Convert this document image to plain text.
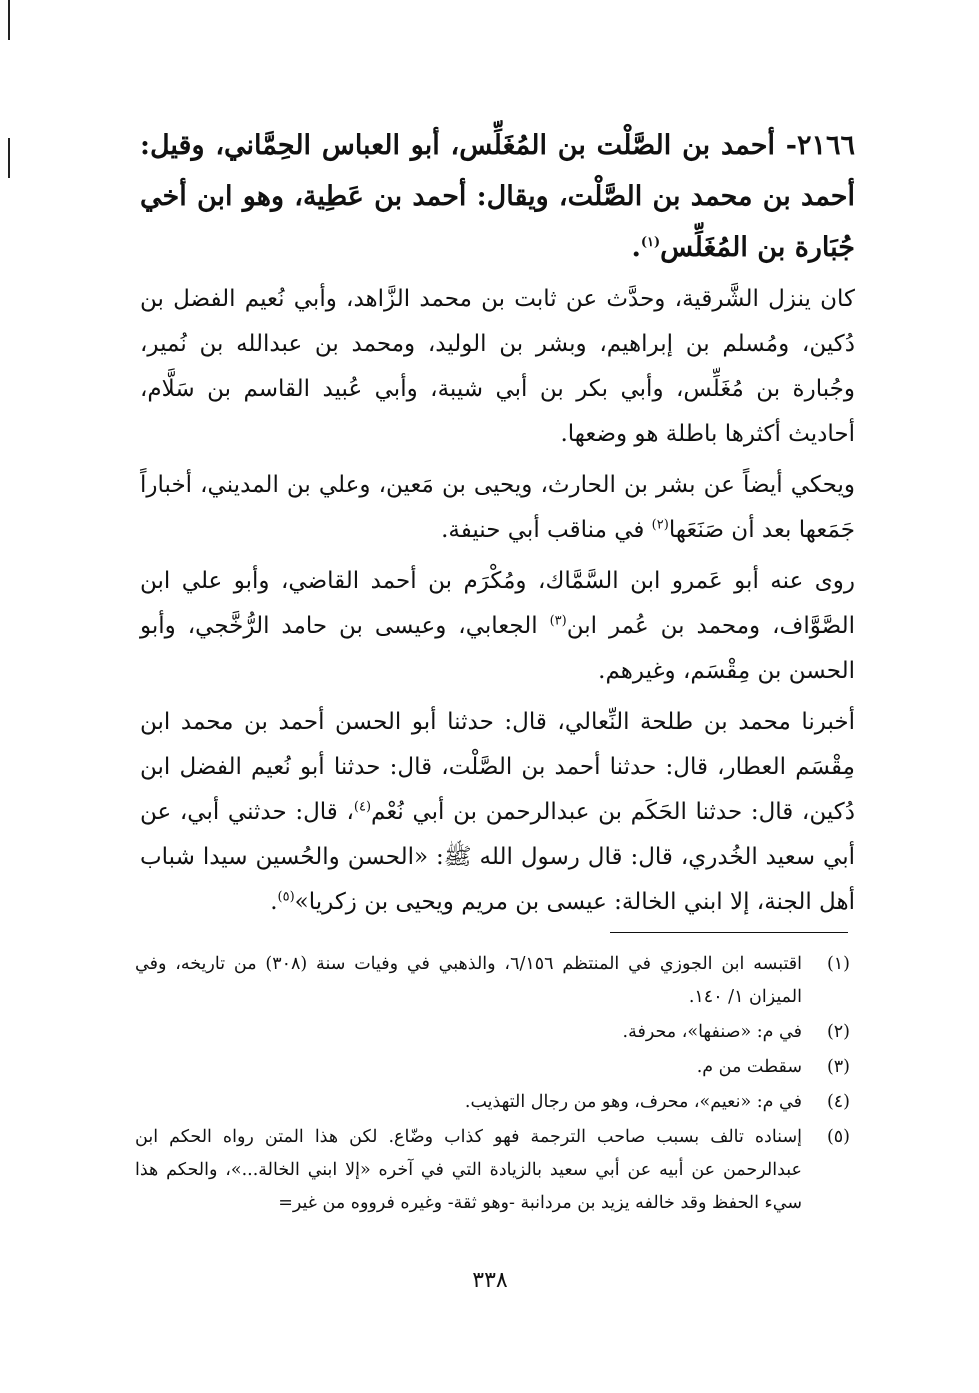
٢١٦٦- أحمد بن الصَّلْت بن المُغَلِّس، أبو العباس الحِمَّاني، وقيل: أحمد بن محمد بن الصَّلْت، ويقال: أحمد بن عَطِية، وهو ابن أخي جُبَارة بن المُغَلِّس$^{(١)}$.

كان ينزل الشَّرقية، وحدَّث عن ثابت بن محمد الزَّاهد، وأبي نُعيم الفضل بن دُكين، ومُسلم بن إبراهيم، وبشر بن الوليد، ومحمد بن عبدالله بن نُمير، وجُبارة بن مُغَلِّس، وأبي بكر بن أبي شيبة، وأبي عُبيد القاسم بن سَلَّام، أحاديث أكثرها باطلة هو وضعها.

ويحكي أيضاً عن بشر بن الحارث، ويحيى بن مَعين، وعلي بن المديني، أخباراً جَمَعها بعد أن صَنَعَها$^{(٢)}$ في مناقب أبي حنيفة.

روى عنه أبو عَمرو ابن السَّمَّاك، ومُكْرَم بن أحمد القاضي، وأبو علي ابن الصَّوَّاف، ومحمد بن عُمر ابن$^{(٣)}$ الجعابي، وعيسى بن حامد الرُّخَّجي، وأبو الحسن بن مِقْسَم، وغيرهم.

أخبرنا محمد بن طلحة النِّعالي، قال: حدثنا أبو الحسن أحمد بن محمد ابن مِقْسَم العطار، قال: حدثنا أحمد بن الصَّلْت، قال: حدثنا أبو نُعيم الفضل ابن دُكين، قال: حدثنا الحَكَم بن عبدالرحمن بن أبي نُعْم$^{(٤)}$، قال: حدثني أبي، عن أبي سعيد الخُدري، قال: قال رسول الله ﷺ: «الحسن والحُسين سيدا شباب أهل الجنة، إلا ابني الخالة: عيسى بن مريم ويحيى بن زكريا»$^{(٥)}$.

(١)
اقتبسه ابن الجوزي في المنتظم ٦/١٥٦، والذهبي في وفيات سنة (٣٠٨) من تاريخه، وفي الميزان ١/ ١٤٠.
(٢)
في م: «صنفها»، محرفة.
(٣)
سقطت من م.
(٤)
في م: «نعيم»، محرف، وهو من رجال التهذيب.
(٥)
إسناده تالف بسبب صاحب الترجمة فهو كذاب وضّاع. لكن هذا المتن رواه الحكم ابن عبدالرحمن عن أبيه عن أبي سعيد بالزيادة التي في آخره «إلا ابني الخالة...»، والحكم هذا سيء الحفظ وقد خالفه يزيد بن مردانبة -وهو ثقة- وغيره فرووه من غير=
٣٣٨
